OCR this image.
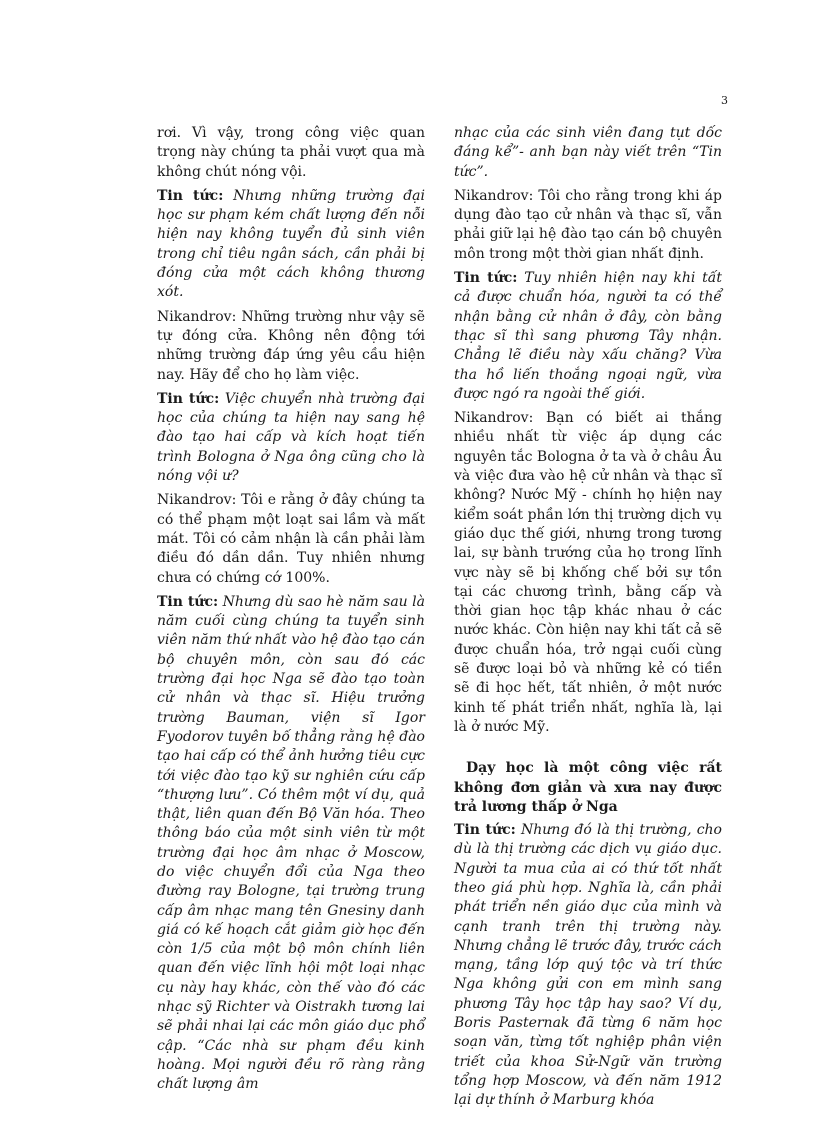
3

rơi. Vì vậy, trong công việc quan trọng này chúng ta phải vượt qua mà không chút nóng vội.

Tin tức: Nhưng những trường đại học sư phạm kém chất lượng đến nỗi hiện nay không tuyển đủ sinh viên trong chỉ tiêu ngân sách, cần phải bị đóng cửa một cách không thương xót.

Nikandrov: Những trường như vậy sẽ tự đóng cửa. Không nên động tới những trường đáp ứng yêu cầu hiện nay. Hãy để cho họ làm việc.

Tin tức: Việc chuyển nhà trường đại học của chúng ta hiện nay sang hệ đào tạo hai cấp và kích hoạt tiến trình Bologna ở Nga ông cũng cho là nóng vội ư?

Nikandrov: Tôi e rằng ở đây chúng ta có thể phạm một loạt sai lầm và mất mát. Tôi có cảm nhận là cần phải làm điều đó dần dần. Tuy nhiên nhưng chưa có chứng cớ 100%.

Tin tức: Nhưng dù sao hè năm sau là năm cuối cùng chúng ta tuyển sinh viên năm thứ nhất vào hệ đào tạo cán bộ chuyên môn, còn sau đó các trường đại học Nga sẽ đào tạo toàn cử nhân và thạc sĩ. Hiệu trưởng trường Bauman, viện sĩ Igor Fyodorov tuyên bố thẳng rằng hệ đào tạo hai cấp có thể ảnh hưởng tiêu cực tới việc đào tạo kỹ sư nghiên cứu cấp “thượng lưu”. Có thêm một ví dụ, quả thật, liên quan đến Bộ Văn hóa. Theo thông báo của một sinh viên từ một trường đại học âm nhạc ở Moscow, do việc chuyển đổi của Nga theo đường ray Bologne, tại trường trung cấp âm nhạc mang tên Gnesiny danh giá có kế hoạch cắt giảm giờ học đến còn 1/5 của một bộ môn chính liên quan đến việc lĩnh hội một loại nhạc cụ này hay khác, còn thế vào đó các nhạc sỹ Richter và Oistrakh tương lai sẽ phải nhai lại các môn giáo dục phổ cập. “Các nhà sư phạm đều kinh hoàng. Mọi người đều rõ ràng rằng chất lượng âm

nhạc của các sinh viên đang tụt dốc đáng kể”- anh bạn này viết trên “Tin tức”.

Nikandrov: Tôi cho rằng trong khi áp dụng đào tạo cử nhân và thạc sĩ, vẫn phải giữ lại hệ đào tạo cán bộ chuyên môn trong một thời gian nhất định.

Tin tức: Tuy nhiên hiện nay khi tất cả được chuẩn hóa, người ta có thể nhận bằng cử nhân ở đây, còn bằng thạc sĩ thì sang phương Tây nhận. Chẳng lẽ điều này xấu chăng? Vừa tha hồ liến thoắng ngoại ngữ, vừa được ngó ra ngoài thế giới.

Nikandrov: Bạn có biết ai thắng nhiều nhất từ việc áp dụng các nguyên tắc Bologna ở ta và ở châu Âu và việc đưa vào hệ cử nhân và thạc sĩ không? Nước Mỹ - chính họ hiện nay kiểm soát phần lớn thị trường dịch vụ giáo dục thế giới, nhưng trong tương lai, sự bành trướng của họ trong lĩnh vực này sẽ bị khống chế bởi sự tồn tại các chương trình, bằng cấp và thời gian học tập khác nhau ở các nước khác. Còn hiện nay khi tất cả sẽ được chuẩn hóa, trở ngại cuối cùng sẽ được loại bỏ và những kẻ có tiền sẽ đi học hết, tất nhiên, ở một nước kinh tế phát triển nhất, nghĩa là, lại là ở nước Mỹ.

Dạy học là một công việc rất không đơn giản và xưa nay được trả lương thấp ở Nga

Tin tức: Nhưng đó là thị trường, cho dù là thị trường các dịch vụ giáo dục. Người ta mua của ai có thứ tốt nhất theo giá phù hợp. Nghĩa là, cần phải phát triển nền giáo dục của mình và cạnh tranh trên thị trường này. Nhưng chẳng lẽ trước đây, trước cách mạng, tầng lớp quý tộc và trí thức Nga không gửi con em mình sang phương Tây học tập hay sao? Ví dụ, Boris Pasternak đã từng 6 năm học soạn văn, từng tốt nghiệp phân viện triết của khoa Sử-Ngữ văn trường tổng hợp Moscow, và đến năm 1912 lại dự thính ở Marburg khóa
